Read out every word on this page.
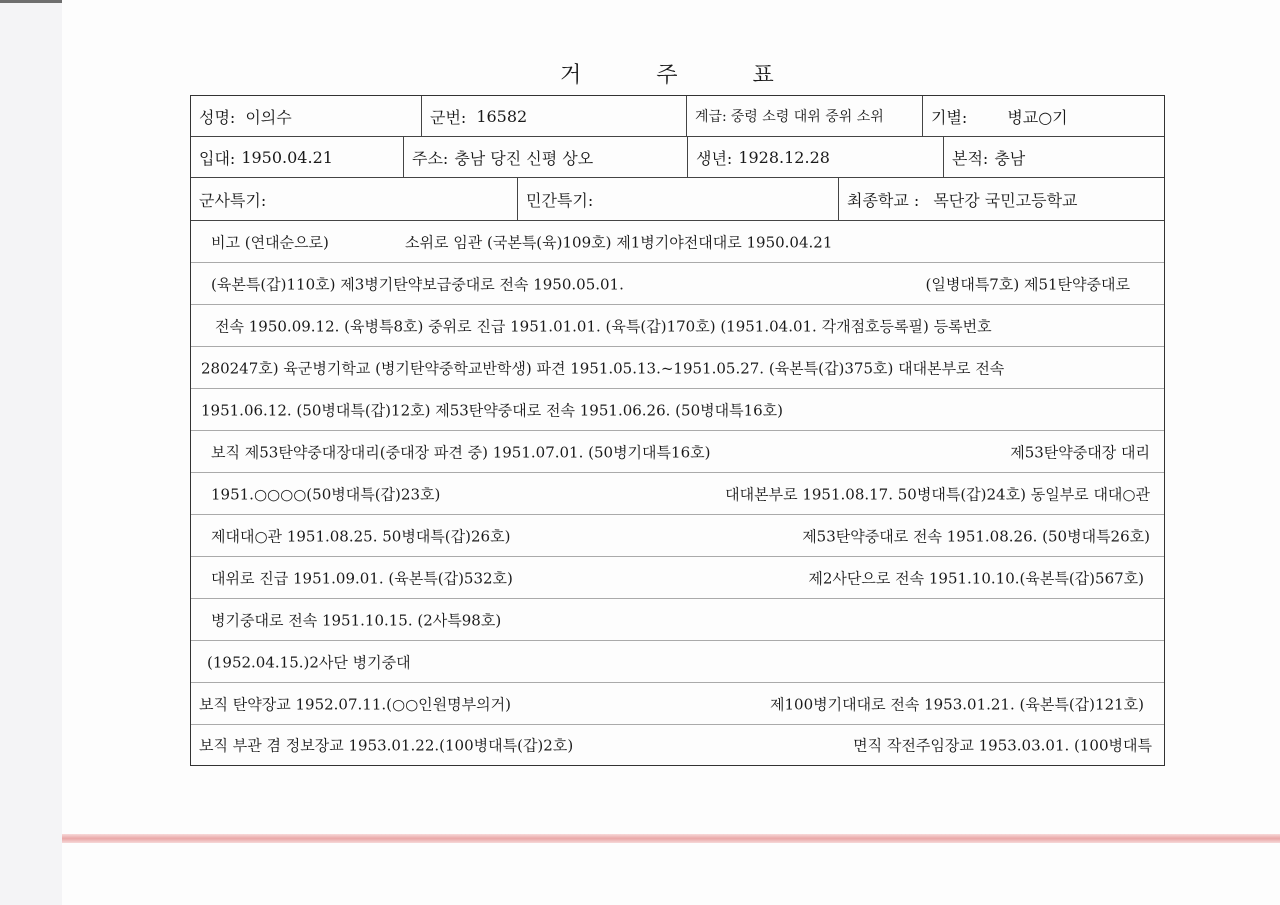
거 주 표
성명: 이의수	군번: 16582	계급: 중령 소령 대위 중위 소위	기별:	병교○기
입대: 1950.04.21	주소: 충남 당진 신평 상오	생년: 1928.12.28	본적: 충남
군사특기:	민간특기:	최종학교 : 목단강 국민고등학교
비고 (연대순으로)	소위로 임관 (국본특(육)109호) 제1병기야전대대로 1950.04.21
(육본특(갑)110호) 제3병기탄약보급중대로 전속 1950.05.01.	(일병대특7호) 제51탄약중대로
전속 1950.09.12. (육병특8호) 중위로 진급 1951.01.01. (육특(갑)170호) (1951.04.01. 각개점호등록필) 등록번호
280247호) 육군병기학교 (병기탄약중학교반학생) 파견 1951.05.13.~1951.05.27. (육본특(갑)375호) 대대본부로 전속
1951.06.12. (50병대특(갑)12호) 제53탄약중대로 전속 1951.06.26. (50병대특16호)
보직 제53탄약중대장대리(중대장 파견 중) 1951.07.01. (50병기대특16호)	제53탄약중대장 대리
1951.○○○○(50병대특(갑)23호)	대대본부로 1951.08.17. 50병대특(갑)24호) 동일부로 대대○관
제대대○관 1951.08.25. 50병대특(갑)26호)	제53탄약중대로 전속 1951.08.26. (50병대특26호)
대위로 진급 1951.09.01. (육본특(갑)532호)	제2사단으로 전속 1951.10.10.(육본특(갑)567호)
병기중대로 전속 1951.10.15. (2사특98호)
(1952.04.15.)2사단 병기중대
보직 탄약장교 1952.07.11.(○○인원명부의거)	제100병기대대로 전속 1953.01.21. (육본특(갑)121호)
보직 부관 겸 정보장교 1953.01.22.(100병대특(갑)2호)	면직 작전주임장교 1953.03.01. (100병대특
